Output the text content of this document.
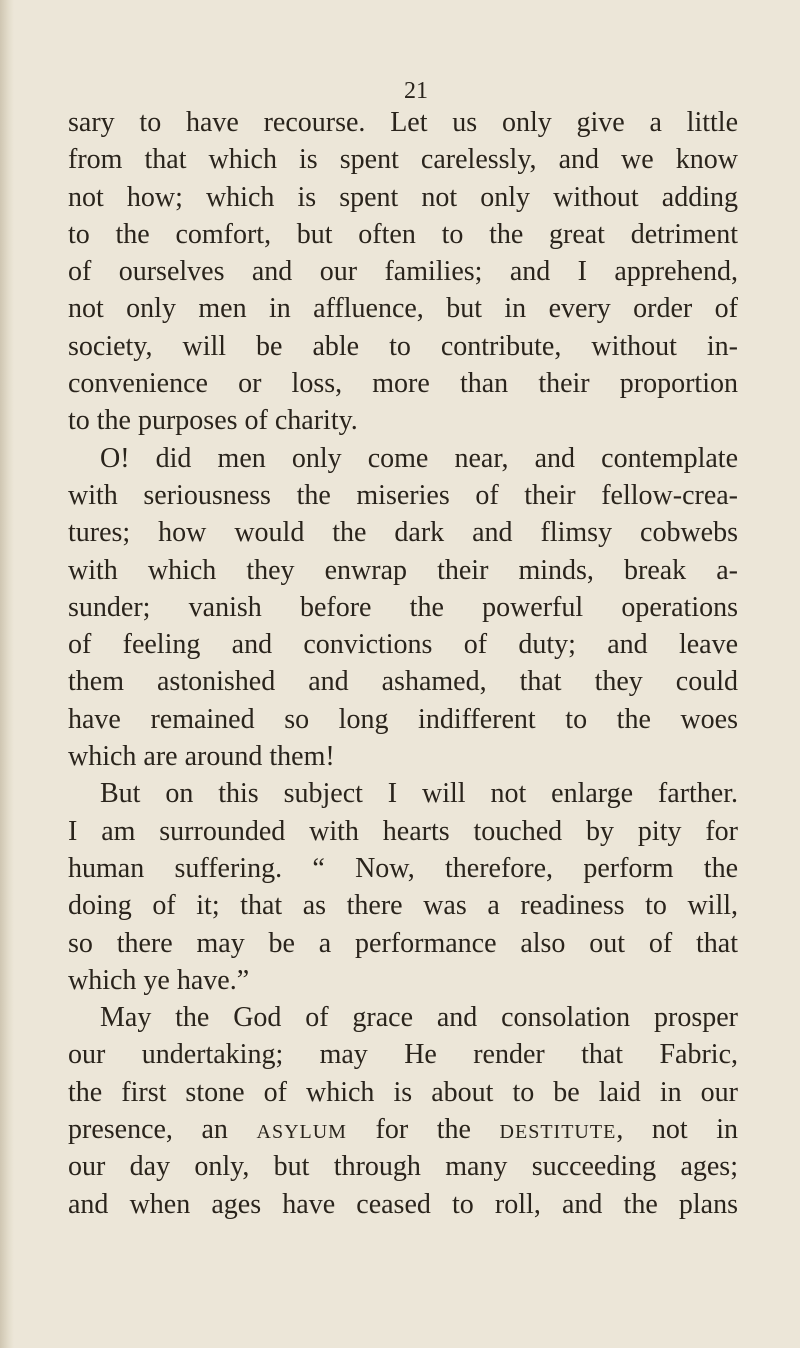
21
sary to have recourse. Let us only give a little
from that which is spent carelessly, and we know
not how; which is spent not only without adding
to the comfort, but often to the great detriment
of ourselves and our families; and I apprehend,
not only men in affluence, but in every order of
society, will be able to contribute, without in-
convenience or loss, more than their proportion
to the purposes of charity.
O! did men only come near, and contemplate
with seriousness the miseries of their fellow-crea-
tures; how would the dark and flimsy cobwebs
with which they enwrap their minds, break a-
sunder; vanish before the powerful operations
of feeling and convictions of duty; and leave
them astonished and ashamed, that they could
have remained so long indifferent to the woes
which are around them!
But on this subject I will not enlarge farther.
I am surrounded with hearts touched by pity for
human suffering. “ Now, therefore, perform the
doing of it; that as there was a readiness to will,
so there may be a performance also out of that
which ye have.”
May the God of grace and consolation prosper
our undertaking; may He render that Fabric,
the first stone of which is about to be laid in our
presence, an asylum for the destitute, not in
our day only, but through many succeeding ages;
and when ages have ceased to roll, and the plans
